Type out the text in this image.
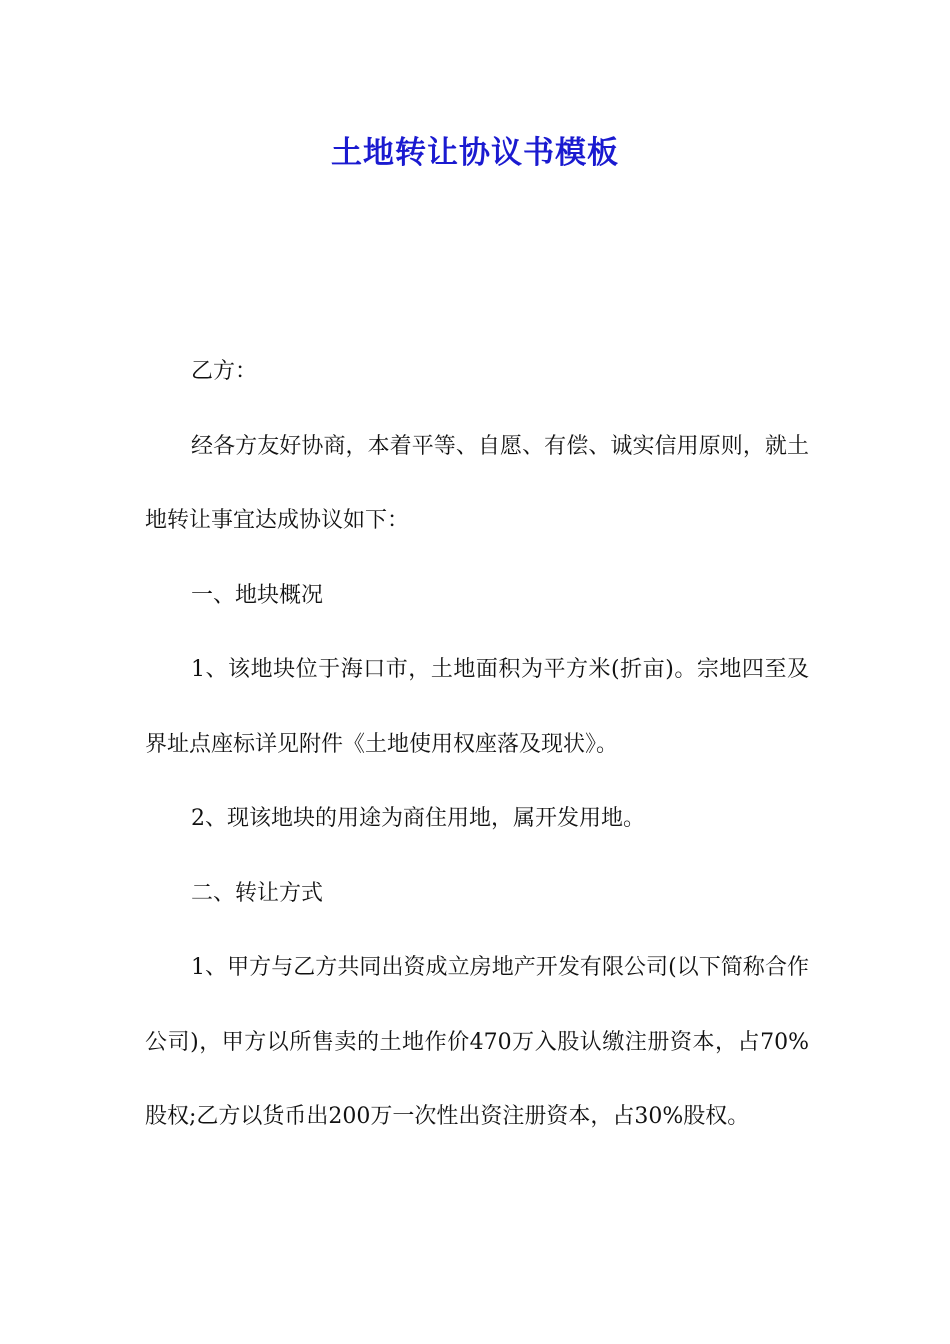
土地转让协议书模板

乙方：

经各方友好协商，本着平等、自愿、有偿、诚实信用原则，就土地转让事宜达成协议如下：

一、地块概况

1、该地块位于海口市，土地面积为平方米(折亩)。宗地四至及界址点座标详见附件《土地使用权座落及现状》。

2、现该地块的用途为商住用地，属开发用地。

二、转让方式

1、甲方与乙方共同出资成立房地产开发有限公司(以下简称合作公司)，甲方以所售卖的土地作价470万入股认缴注册资本，占70%股权;乙方以货币出200万一次性出资注册资本，占30%股权。
